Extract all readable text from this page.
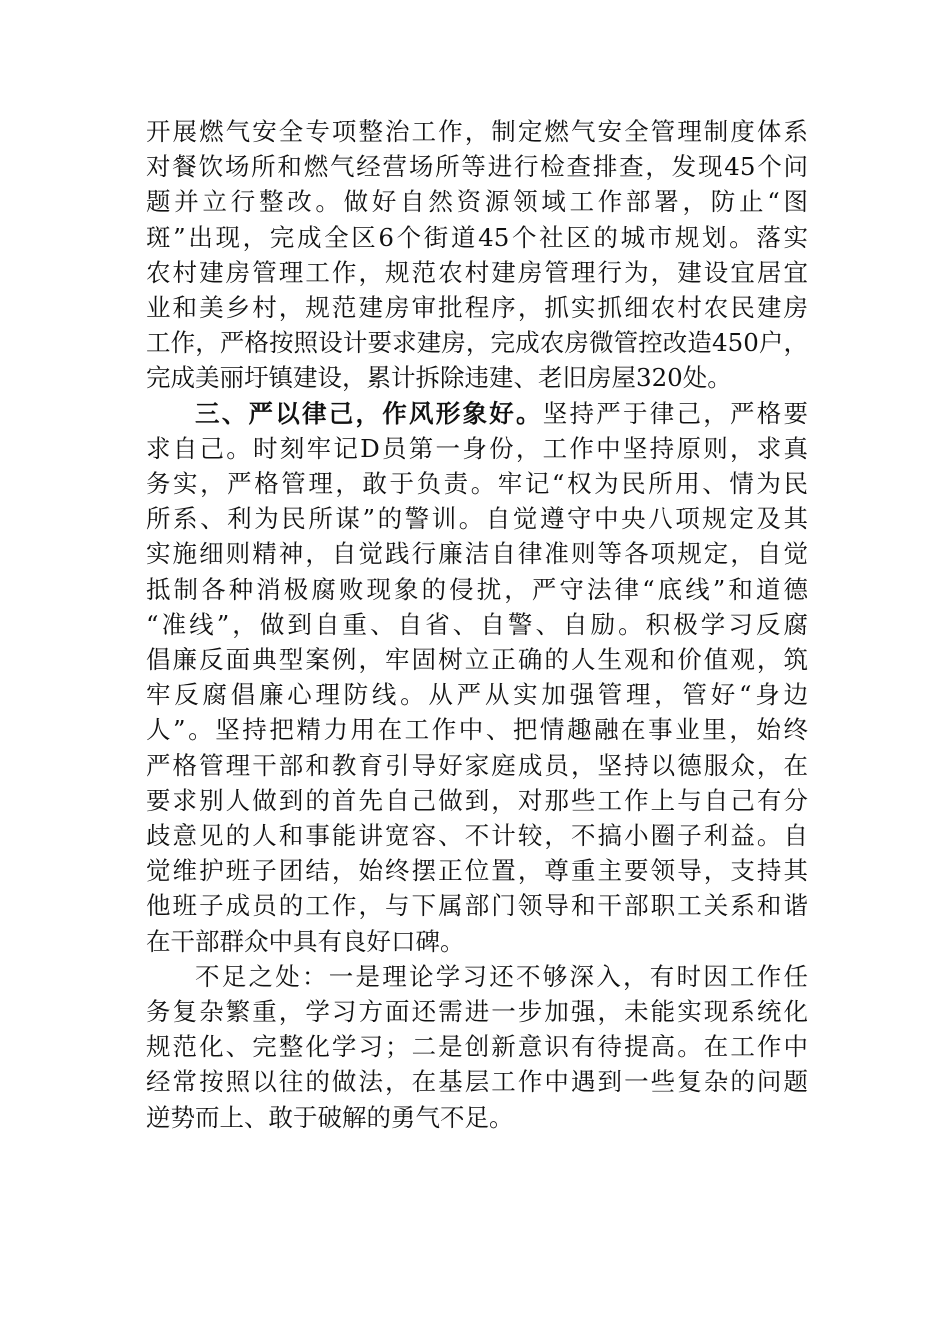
开展燃气安全专项整治工作，制定燃气安全管理制度体系
对餐饮场所和燃气经营场所等进行检查排查，发现45个问
题并立行整改。做好自然资源领域工作部署，防止“图
斑”出现，完成全区6个街道45个社区的城市规划。落实
农村建房管理工作，规范农村建房管理行为，建设宜居宜
业和美乡村，规范建房审批程序，抓实抓细农村农民建房
工作，严格按照设计要求建房，完成农房微管控改造450户，
完成美丽圩镇建设，累计拆除违建、老旧房屋320处。
三、严以律己，作风形象好。坚持严于律己，严格要
求自己。时刻牢记D员第一身份，工作中坚持原则，求真
务实，严格管理，敢于负责。牢记“权为民所用、情为民
所系、利为民所谋”的警训。自觉遵守中央八项规定及其
实施细则精神，自觉践行廉洁自律准则等各项规定，自觉
抵制各种消极腐败现象的侵扰，严守法律“底线”和道德
“准线”，做到自重、自省、自警、自励。积极学习反腐
倡廉反面典型案例，牢固树立正确的人生观和价值观，筑
牢反腐倡廉心理防线。从严从实加强管理，管好“身边
人”。坚持把精力用在工作中、把情趣融在事业里，始终
严格管理干部和教育引导好家庭成员，坚持以德服众，在
要求别人做到的首先自己做到，对那些工作上与自己有分
歧意见的人和事能讲宽容、不计较，不搞小圈子利益。自
觉维护班子团结，始终摆正位置，尊重主要领导，支持其
他班子成员的工作，与下属部门领导和干部职工关系和谐
在干部群众中具有良好口碑。
不足之处：一是理论学习还不够深入，有时因工作任
务复杂繁重，学习方面还需进一步加强，未能实现系统化
规范化、完整化学习；二是创新意识有待提高。在工作中
经常按照以往的做法，在基层工作中遇到一些复杂的问题
逆势而上、敢于破解的勇气不足。
